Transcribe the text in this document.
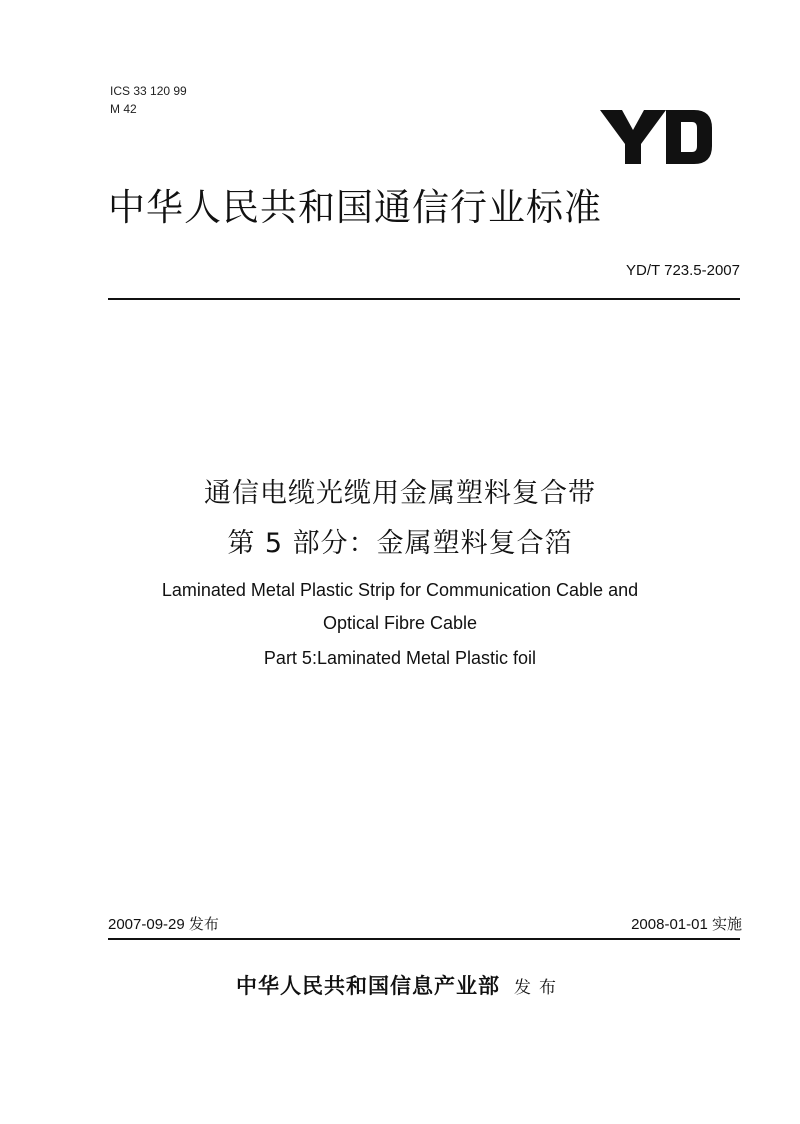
ICS 33 120 99
M 42
中华人民共和国通信行业标准
YD/T 723.5-2007
通信电缆光缆用金属塑料复合带
第 5 部分：金属塑料复合箔
Laminated Metal Plastic Strip for Communication Cable and
Optical Fibre Cable
Part 5:Laminated Metal Plastic foil
2007-09-29 发布	2008-01-01 实施
中华人民共和国信息产业部 发布
